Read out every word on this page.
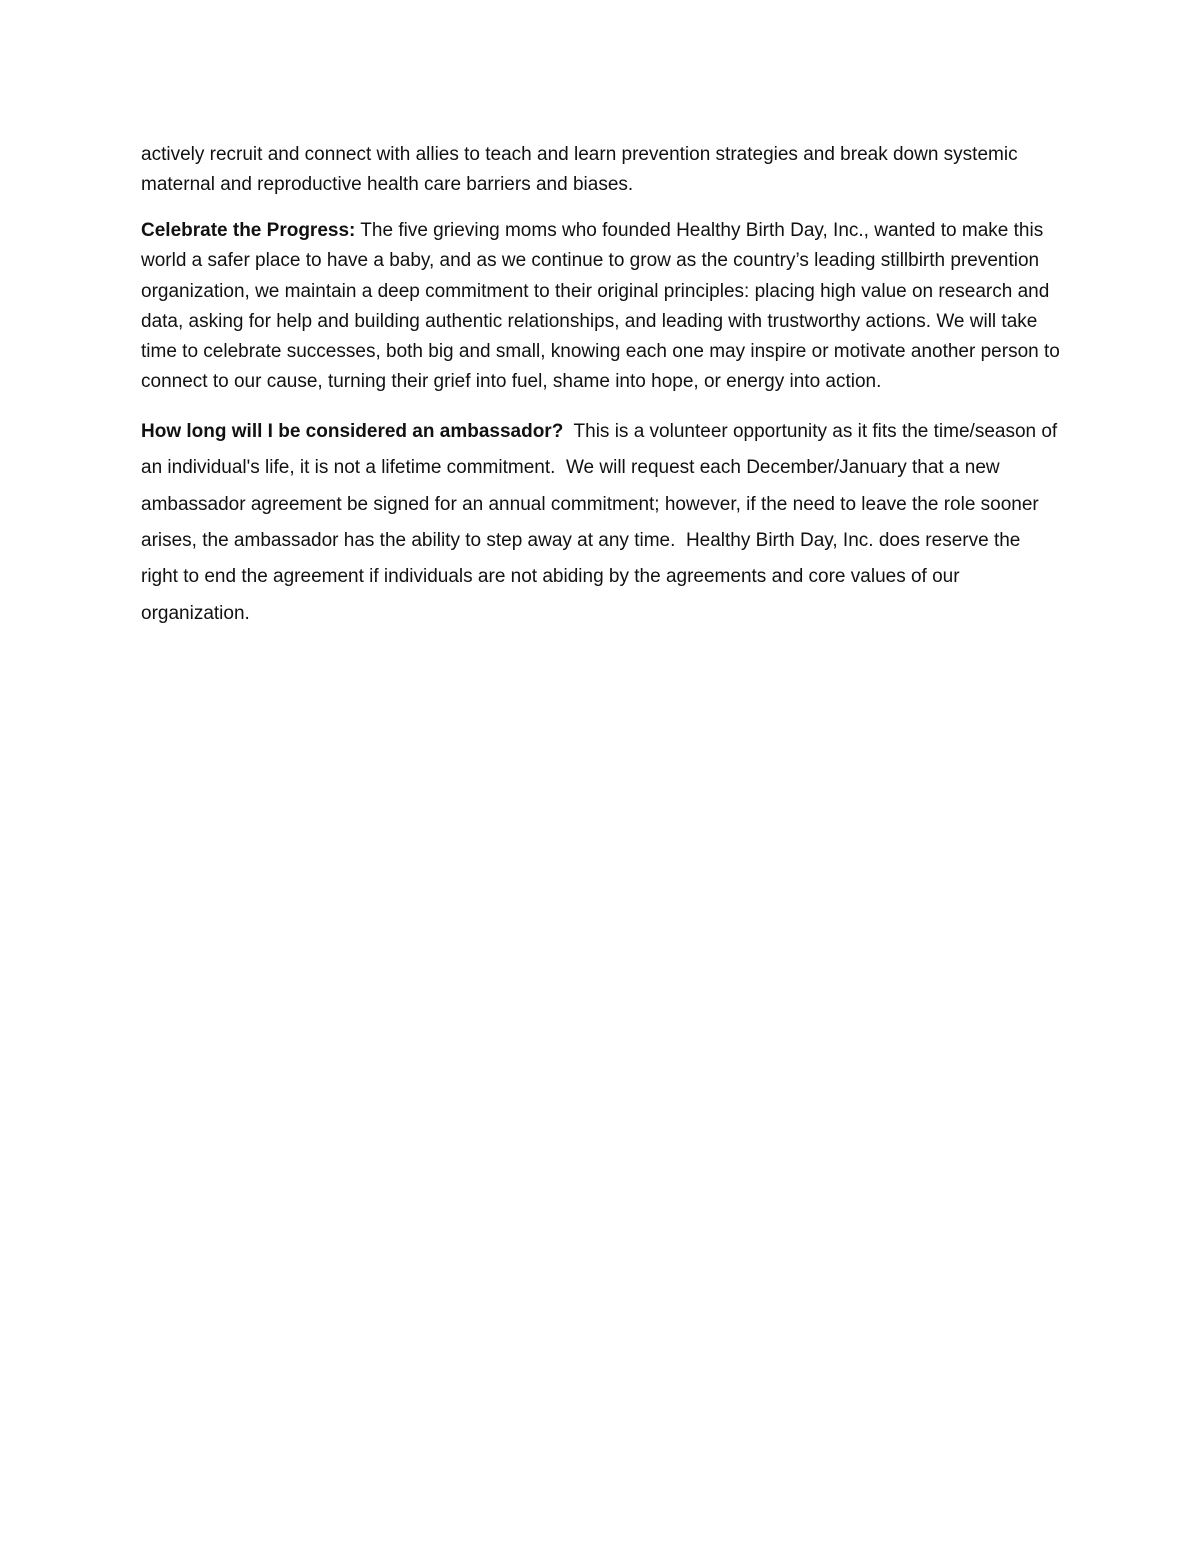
actively recruit and connect with allies to teach and learn prevention strategies and break down systemic maternal and reproductive health care barriers and biases.

Celebrate the Progress: The five grieving moms who founded Healthy Birth Day, Inc., wanted to make this world a safer place to have a baby, and as we continue to grow as the country’s leading stillbirth prevention organization, we maintain a deep commitment to their original principles: placing high value on research and data, asking for help and building authentic relationships, and leading with trustworthy actions. We will take time to celebrate successes, both big and small, knowing each one may inspire or motivate another person to connect to our cause, turning their grief into fuel, shame into hope, or energy into action.

How long will I be considered an ambassador?  This is a volunteer opportunity as it fits the time/season of an individual's life, it is not a lifetime commitment.  We will request each December/January that a new ambassador agreement be signed for an annual commitment; however, if the need to leave the role sooner arises, the ambassador has the ability to step away at any time.  Healthy Birth Day, Inc. does reserve the right to end the agreement if individuals are not abiding by the agreements and core values of our organization.
